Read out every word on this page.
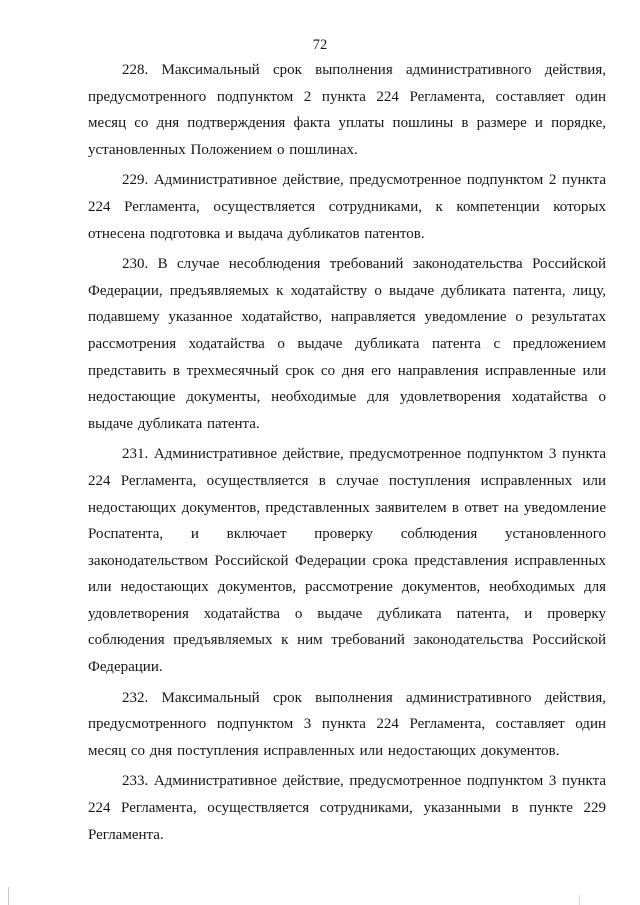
72

228. Максимальный срок выполнения административного действия, предусмотренного подпунктом 2 пункта 224 Регламента, составляет один месяц со дня подтверждения факта уплаты пошлины в размере и порядке, установленных Положением о пошлинах.

229. Административное действие, предусмотренное подпунктом 2 пункта 224 Регламента, осуществляется сотрудниками, к компетенции которых отнесена подготовка и выдача дубликатов патентов.

230. В случае несоблюдения требований законодательства Российской Федерации, предъявляемых к ходатайству о выдаче дубликата патента, лицу, подавшему указанное ходатайство, направляется уведомление о результатах рассмотрения ходатайства о выдаче дубликата патента с предложением представить в трехмесячный срок со дня его направления исправленные или недостающие документы, необходимые для удовлетворения ходатайства о выдаче дубликата патента.

231. Административное действие, предусмотренное подпунктом 3 пункта 224 Регламента, осуществляется в случае поступления исправленных или недостающих документов, представленных заявителем в ответ на уведомление Роспатента, и включает проверку соблюдения установленного законодательством Российской Федерации срока представления исправленных или недостающих документов, рассмотрение документов, необходимых для удовлетворения ходатайства о выдаче дубликата патента, и проверку соблюдения предъявляемых к ним требований законодательства Российской Федерации.

232. Максимальный срок выполнения административного действия, предусмотренного подпунктом 3 пункта 224 Регламента, составляет один месяц со дня поступления исправленных или недостающих документов.

233. Административное действие, предусмотренное подпунктом 3 пункта 224 Регламента, осуществляется сотрудниками, указанными в пункте 229 Регламента.
